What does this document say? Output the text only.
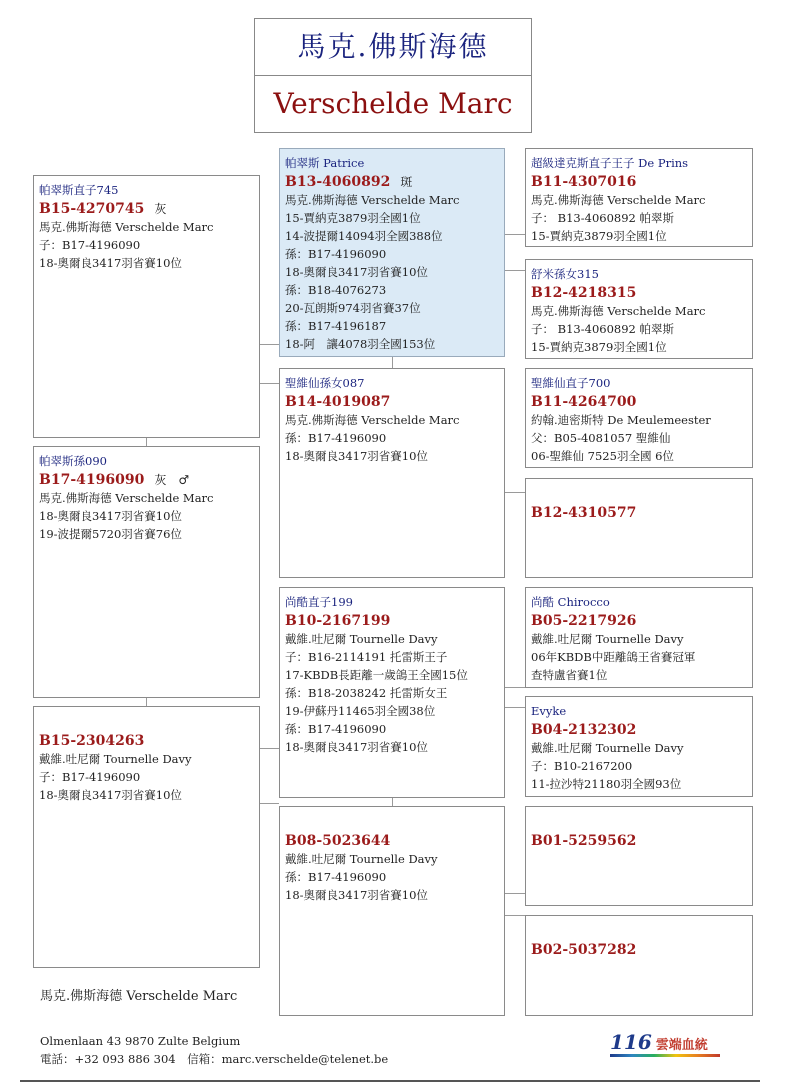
馬克.佛斯海德
Verschelde Marc
帕翠斯直子745
B15-4270745 灰
馬克.佛斯海德 Verschelde Marc
子：B17-4196090
18-奧爾良3417羽省賽10位
帕翠斯孫090
B17-4196090 灰　♂
馬克.佛斯海德 Verschelde Marc
18-奧爾良3417羽省賽10位
19-波提爾5720羽省賽76位
B15-2304263
戴維.吐尼爾 Tournelle Davy
子：B17-4196090
18-奧爾良3417羽省賽10位
帕翠斯 Patrice
B13-4060892 斑
馬克.佛斯海德 Verschelde Marc
15-賈納克3879羽全國1位
14-波提爾14094羽全國388位
孫：B17-4196090
18-奧爾良3417羽省賽10位
孫：B18-4076273
20-瓦朗斯974羽省賽37位
孫：B17-4196187
18-阿　讓4078羽全國153位
聖維仙孫女087
B14-4019087
馬克.佛斯海德 Verschelde Marc
孫：B17-4196090
18-奧爾良3417羽省賽10位
尚酷直子199
B10-2167199
戴維.吐尼爾 Tournelle Davy
子：B16-2114191 托雷斯王子
17-KBDB長距離一歲鴿王全國15位
孫：B18-2038242 托雷斯女王
19-伊蘇丹11465羽全國38位
孫：B17-4196090
18-奧爾良3417羽省賽10位
B08-5023644
戴維.吐尼爾 Tournelle Davy
孫：B17-4196090
18-奧爾良3417羽省賽10位
超級達克斯直子王子 De Prins
B11-4307016
馬克.佛斯海德 Verschelde Marc
子： B13-4060892 帕翠斯
15-賈納克3879羽全國1位
舒米孫女315
B12-4218315
馬克.佛斯海德 Verschelde Marc
子： B13-4060892 帕翠斯
15-賈納克3879羽全國1位
聖維仙直子700
B11-4264700
約翰.迪密斯特 De Meulemeester
父：B05-4081057 聖維仙
06-聖維仙 7525羽全國 6位
B12-4310577
尚酷 Chirocco
B05-2217926
戴維.吐尼爾 Tournelle Davy
06年KBDB中距離鴿王省賽冠軍
查特盧省賽1位
Evyke
B04-2132302
戴維.吐尼爾 Tournelle Davy
子：B10-2167200
11-拉沙特21180羽全國93位
B01-5259562
B02-5037282
馬克.佛斯海德 Verschelde Marc
Olmenlaan 43 9870 Zulte Belgium
電話：+32 093 886 304　信箱：marc.verschelde@telenet.be
116 雲端血統
